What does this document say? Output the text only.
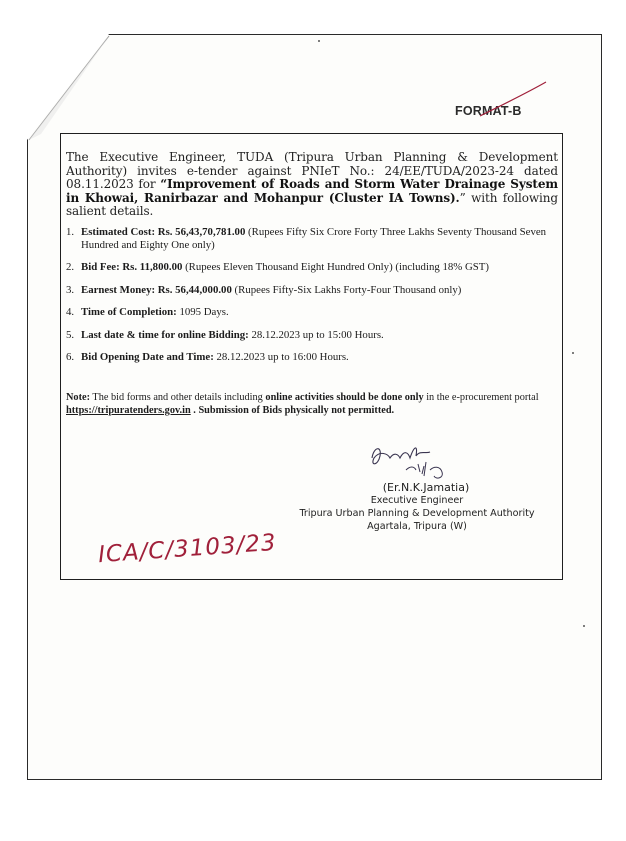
FORMAT-B
The Executive Engineer, TUDA (Tripura Urban Planning & Development Authority) invites e-tender against PNIeT No.: 24/EE/TUDA/2023-24 dated 08.11.2023 for “Improvement of Roads and Storm Water Drainage System in Khowai, Ranirbazar and Mohanpur (Cluster IA Towns).” with following salient details.
1. Estimated Cost: Rs. 56,43,70,781.00 (Rupees Fifty Six Crore Forty Three Lakhs Seventy Thousand Seven Hundred and Eighty One only)
2. Bid Fee: Rs. 11,800.00 (Rupees Eleven Thousand Eight Hundred Only) (including 18% GST)
3. Earnest Money: Rs. 56,44,000.00 (Rupees Fifty-Six Lakhs Forty-Four Thousand only)
4. Time of Completion: 1095 Days.
5. Last date & time for online Bidding: 28.12.2023 up to 15:00 Hours.
6. Bid Opening Date and Time: 28.12.2023 up to 16:00 Hours.
Note: The bid forms and other details including online activities should be done only in the e-procurement portal https://tripuratenders.gov.in . Submission of Bids physically not permitted.
(Er.N.K.Jamatia)
Executive Engineer
Tripura Urban Planning & Development Authority
Agartala, Tripura (W)
ICA/C/3103/23
